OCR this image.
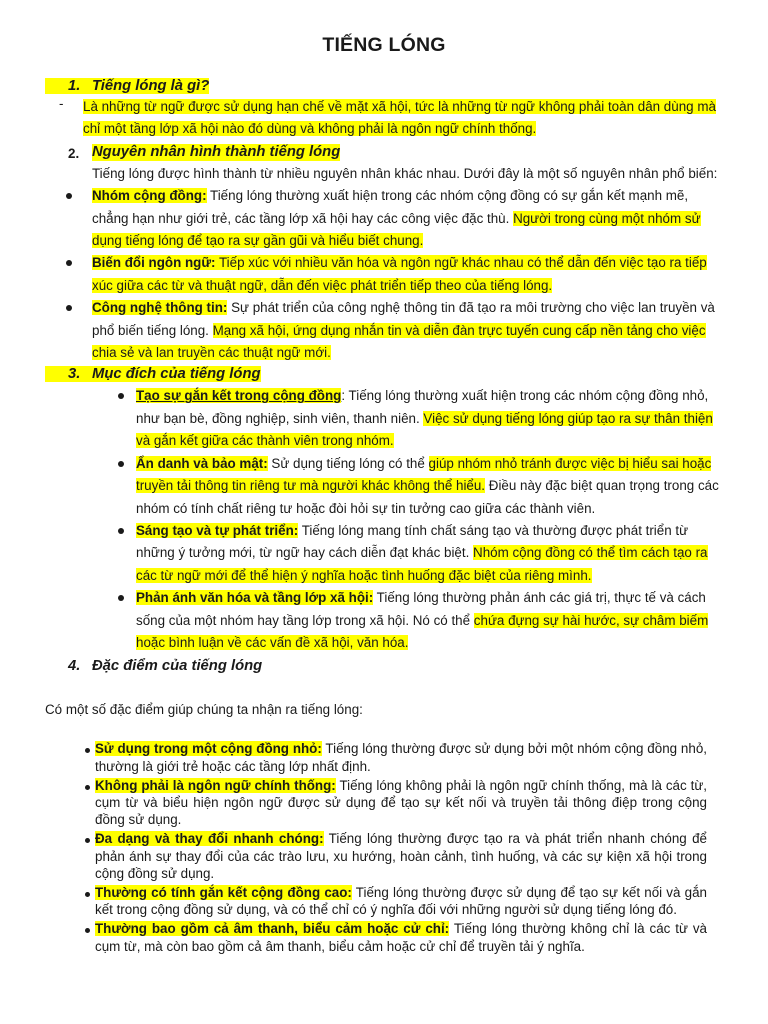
TIẾNG LÓNG
1. Tiếng lóng là gì?
-	Là những từ ngữ được sử dụng hạn chế về mặt xã hội, tức là những từ ngữ không phải toàn dân dùng mà chỉ một tầng lớp xã hội nào đó dùng và không phải là ngôn ngữ chính thống.
2. Nguyên nhân hình thành tiếng lóng

Tiếng lóng được hình thành từ nhiều nguyên nhân khác nhau. Dưới đây là một số nguyên nhân phổ biến:

Nhóm cộng đồng: Tiếng lóng thường xuất hiện trong các nhóm cộng đồng có sự gắn kết mạnh mẽ, chẳng hạn như giới trẻ, các tầng lớp xã hội hay các công việc đặc thù. Người trong cùng một nhóm sử dụng tiếng lóng để tạo ra sự gần gũi và hiểu biết chung.
Biến đổi ngôn ngữ: Tiếp xúc với nhiều văn hóa và ngôn ngữ khác nhau có thể dẫn đến việc tạo ra tiếp xúc giữa các từ và thuật ngữ, dẫn đến việc phát triển tiếp theo của tiếng lóng.
Công nghệ thông tin: Sự phát triển của công nghệ thông tin đã tạo ra môi trường cho việc lan truyền và phổ biến tiếng lóng. Mạng xã hội, ứng dụng nhắn tin và diễn đàn trực tuyến cung cấp nền tảng cho việc chia sẻ và lan truyền các thuật ngữ mới.
3. Mục đích của tiếng lóng
Tạo sự gắn kết trong cộng đồng: Tiếng lóng thường xuất hiện trong các nhóm cộng đồng nhỏ, như bạn bè, đồng nghiệp, sinh viên, thanh niên. Việc sử dụng tiếng lóng giúp tạo ra sự thân thiện và gắn kết giữa các thành viên trong nhóm.
Ẩn danh và bảo mật: Sử dụng tiếng lóng có thể giúp nhóm nhỏ tránh được việc bị hiểu sai hoặc truyền tải thông tin riêng tư mà người khác không thể hiểu. Điều này đặc biệt quan trọng trong các nhóm có tính chất riêng tư hoặc đòi hỏi sự tin tưởng cao giữa các thành viên.
Sáng tạo và tự phát triển: Tiếng lóng mang tính chất sáng tạo và thường được phát triển từ những ý tưởng mới, từ ngữ hay cách diễn đạt khác biệt. Nhóm cộng đồng có thể tìm cách tạo ra các từ ngữ mới để thể hiện ý nghĩa hoặc tình huống đặc biệt của riêng mình.
Phản ánh văn hóa và tầng lớp xã hội: Tiếng lóng thường phản ánh các giá trị, thực tế và cách sống của một nhóm hay tầng lớp trong xã hội. Nó có thể chứa đựng sự hài hước, sự châm biếm hoặc bình luận về các vấn đề xã hội, văn hóa.
4. Đặc điểm của tiếng lóng

Có một số đặc điểm giúp chúng ta nhận ra tiếng lóng:

Sử dụng trong một cộng đồng nhỏ: Tiếng lóng thường được sử dụng bởi một nhóm cộng đồng nhỏ, thường là giới trẻ hoặc các tầng lớp nhất định.
Không phải là ngôn ngữ chính thống: Tiếng lóng không phải là ngôn ngữ chính thống, mà là các từ, cụm từ và biểu hiện ngôn ngữ được sử dụng để tạo sự kết nối và truyền tải thông điệp trong cộng đồng sử dụng.
Đa dạng và thay đổi nhanh chóng: Tiếng lóng thường được tạo ra và phát triển nhanh chóng để phản ánh sự thay đổi của các trào lưu, xu hướng, hoàn cảnh, tình huống, và các sự kiện xã hội trong cộng đồng sử dụng.
Thường có tính gắn kết cộng đồng cao: Tiếng lóng thường được sử dụng để tạo sự kết nối và gắn kết trong cộng đồng sử dụng, và có thể chỉ có ý nghĩa đối với những người sử dụng tiếng lóng đó.
Thường bao gồm cả âm thanh, biểu cảm hoặc cử chỉ: Tiếng lóng thường không chỉ là các từ và cụm từ, mà còn bao gồm cả âm thanh, biểu cảm hoặc cử chỉ để truyền tải ý nghĩa.
